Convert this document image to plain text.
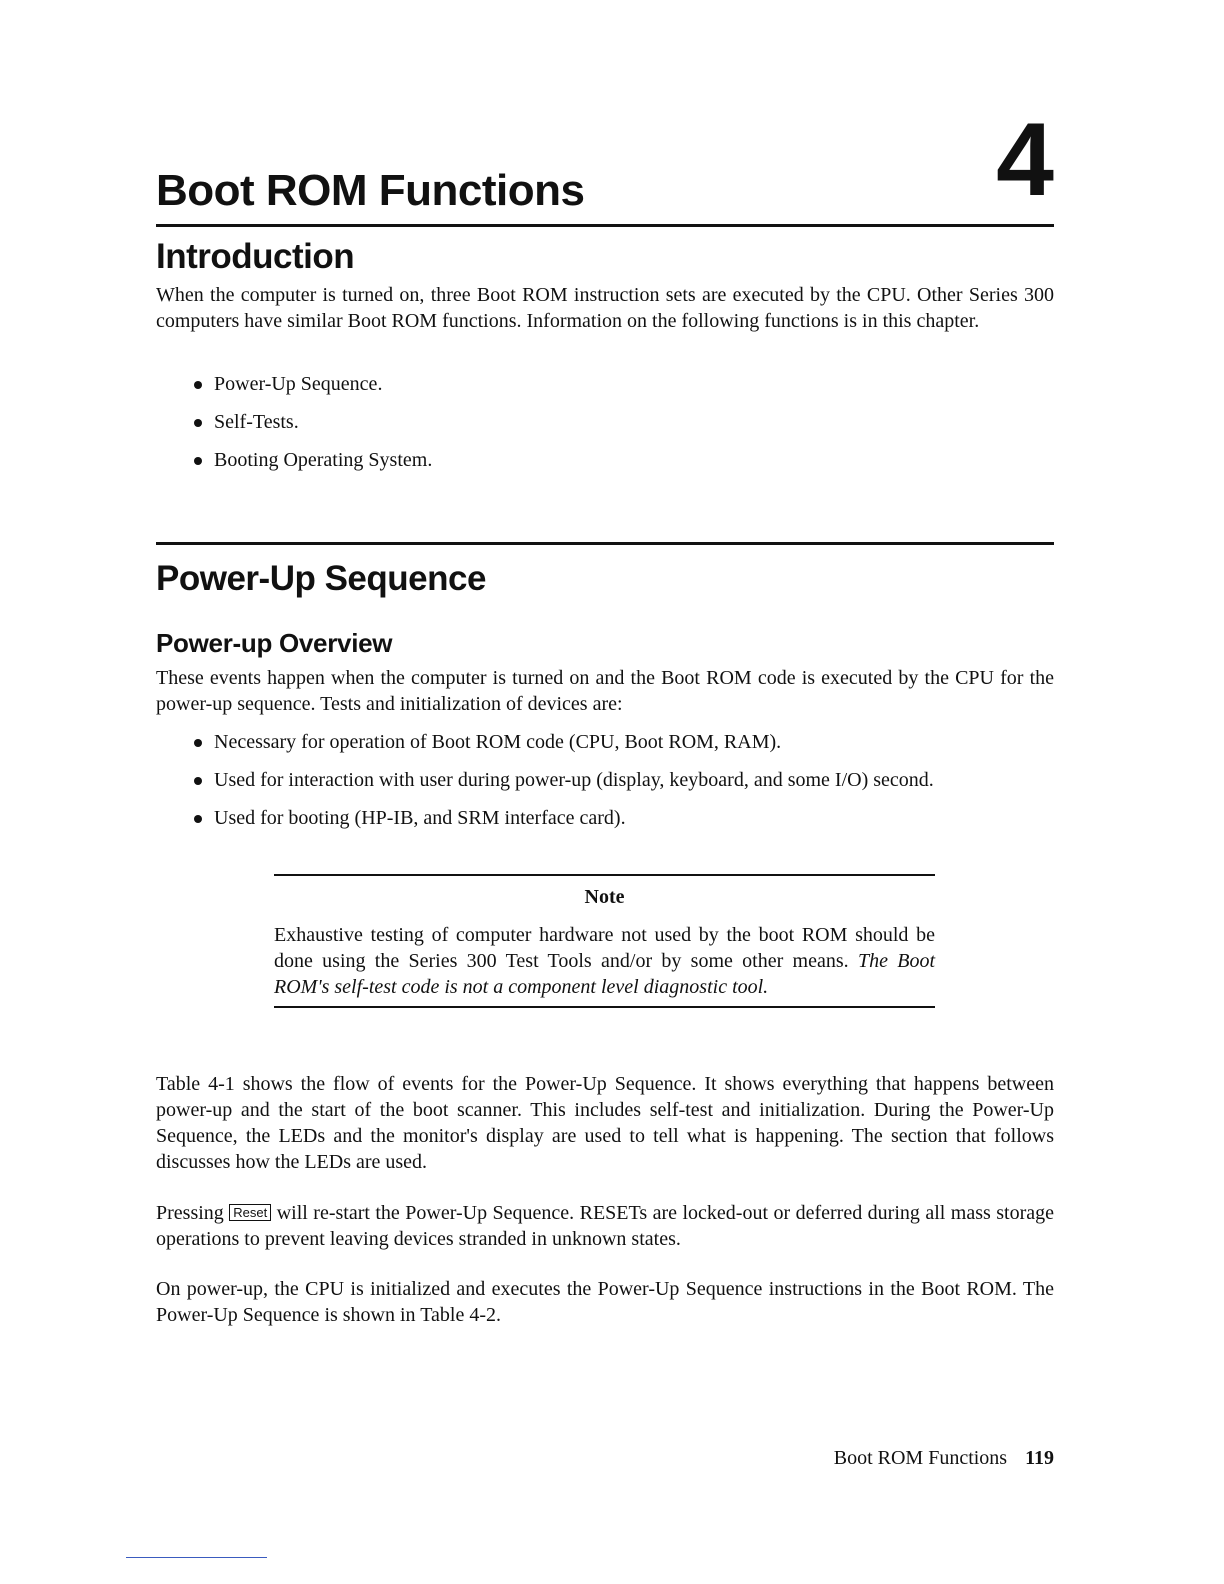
Boot ROM Functions	4
Introduction

When the computer is turned on, three Boot ROM instruction sets are executed by the CPU. Other Series 300 computers have similar Boot ROM functions. Information on the following functions is in this chapter.

Power-Up Sequence.
Self-Tests.
Booting Operating System.
Power-Up Sequence
Power-up Overview

These events happen when the computer is turned on and the Boot ROM code is executed by the CPU for the power-up sequence. Tests and initialization of devices are:

Necessary for operation of Boot ROM code (CPU, Boot ROM, RAM).
Used for interaction with user during power-up (display, keyboard, and some I/O) second.
Used for booting (HP-IB, and SRM interface card).
Note

Exhaustive testing of computer hardware not used by the boot ROM should be done using the Series 300 Test Tools and/or by some other means. The Boot ROM's self-test code is not a component level diagnostic tool.

Table 4-1 shows the flow of events for the Power-Up Sequence. It shows everything that happens between power-up and the start of the boot scanner. This includes self-test and initialization. During the Power-Up Sequence, the LEDs and the monitor's display are used to tell what is happening. The section that follows discusses how the LEDs are used.

Pressing Reset will re-start the Power-Up Sequence. RESETs are locked-out or deferred during all mass storage operations to prevent leaving devices stranded in unknown states.

On power-up, the CPU is initialized and executes the Power-Up Sequence instructions in the Boot ROM. The Power-Up Sequence is shown in Table 4-2.

Boot ROM Functions 119
